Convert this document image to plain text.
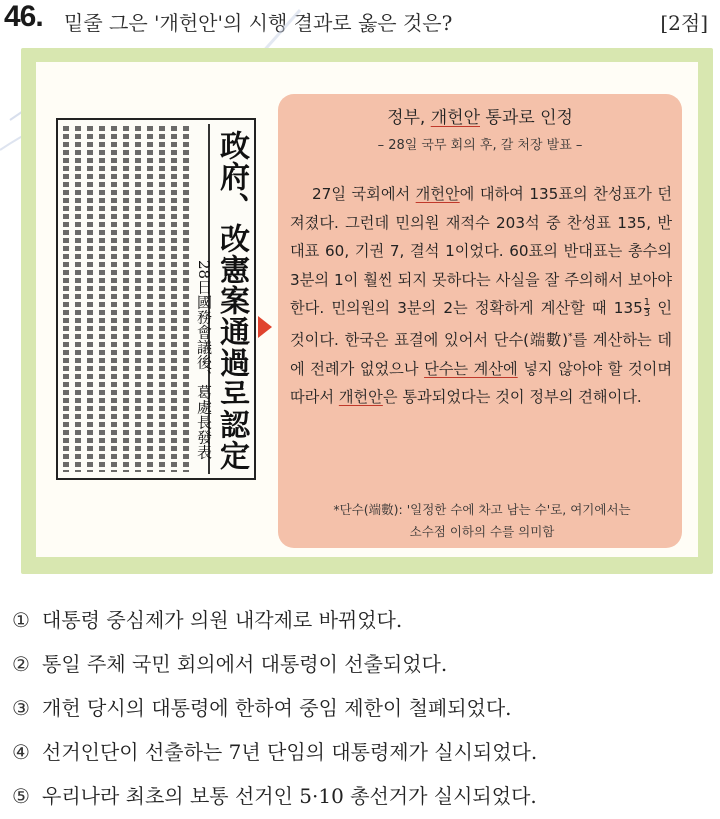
46. 밑줄 그은 '개헌안'의 시행 결과로 옳은 것은?	[2점]
28日國務會議後、葛處長發表 政府、改憲案通過로認定
정부, 개헌안 통과로 인정
– 28일 국무 회의 후, 갈 처장 발표 –
27일 국회에서 개헌안에 대하여 135표의 찬성표가 던져졌다. 그런데 민의원 재적수 203석 중 찬성표 135, 반대표 60, 기권 7, 결석 1이었다. 60표의 반대표는 총수의 3분의 1이 훨씬 되지 못하다는 사실을 잘 주의해서 보아야 한다. 민의원의 3분의 2는 정확하게 계산할 때 $135 \frac{1}{3}$ 인 것이다. 한국은 표결에 있어서 단수(端數)*를 계산하는 데에 전례가 없었으나 단수는 계산에 넣지 않아야 할 것이며 따라서 개헌안은 통과되었다는 것이 정부의 견해이다.
*단수(端數): '일정한 수에 차고 남는 수'로, 여기에서는
소수점 이하의 수를 의미함
① 대통령 중심제가 의원 내각제로 바뀌었다.
② 통일 주체 국민 회의에서 대통령이 선출되었다.
③ 개헌 당시의 대통령에 한하여 중임 제한이 철폐되었다.
④ 선거인단이 선출하는 7년 단임의 대통령제가 실시되었다.
⑤ 우리나라 최초의 보통 선거인 5·10 총선거가 실시되었다.
